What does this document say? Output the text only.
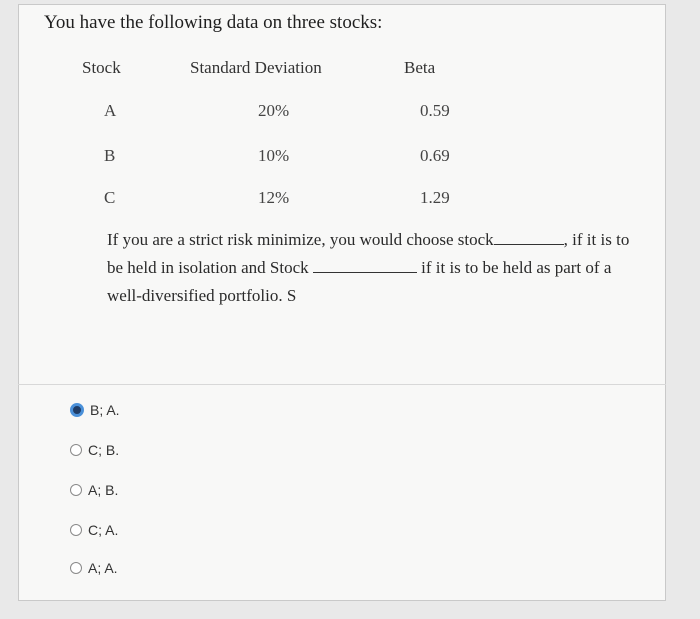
You have the following data on three stocks:
Stock	Standard Deviation	Beta
A	20%	0.59
B	10%	0.69
C	12%	1.29
If you are a strict risk minimize, you would choose stock	, if it is to
be held in isolation and Stock	if it is to be held as part of a
well-diversified portfolio. S
B; A.
C; B.
A; B.
C; A.
A; A.
